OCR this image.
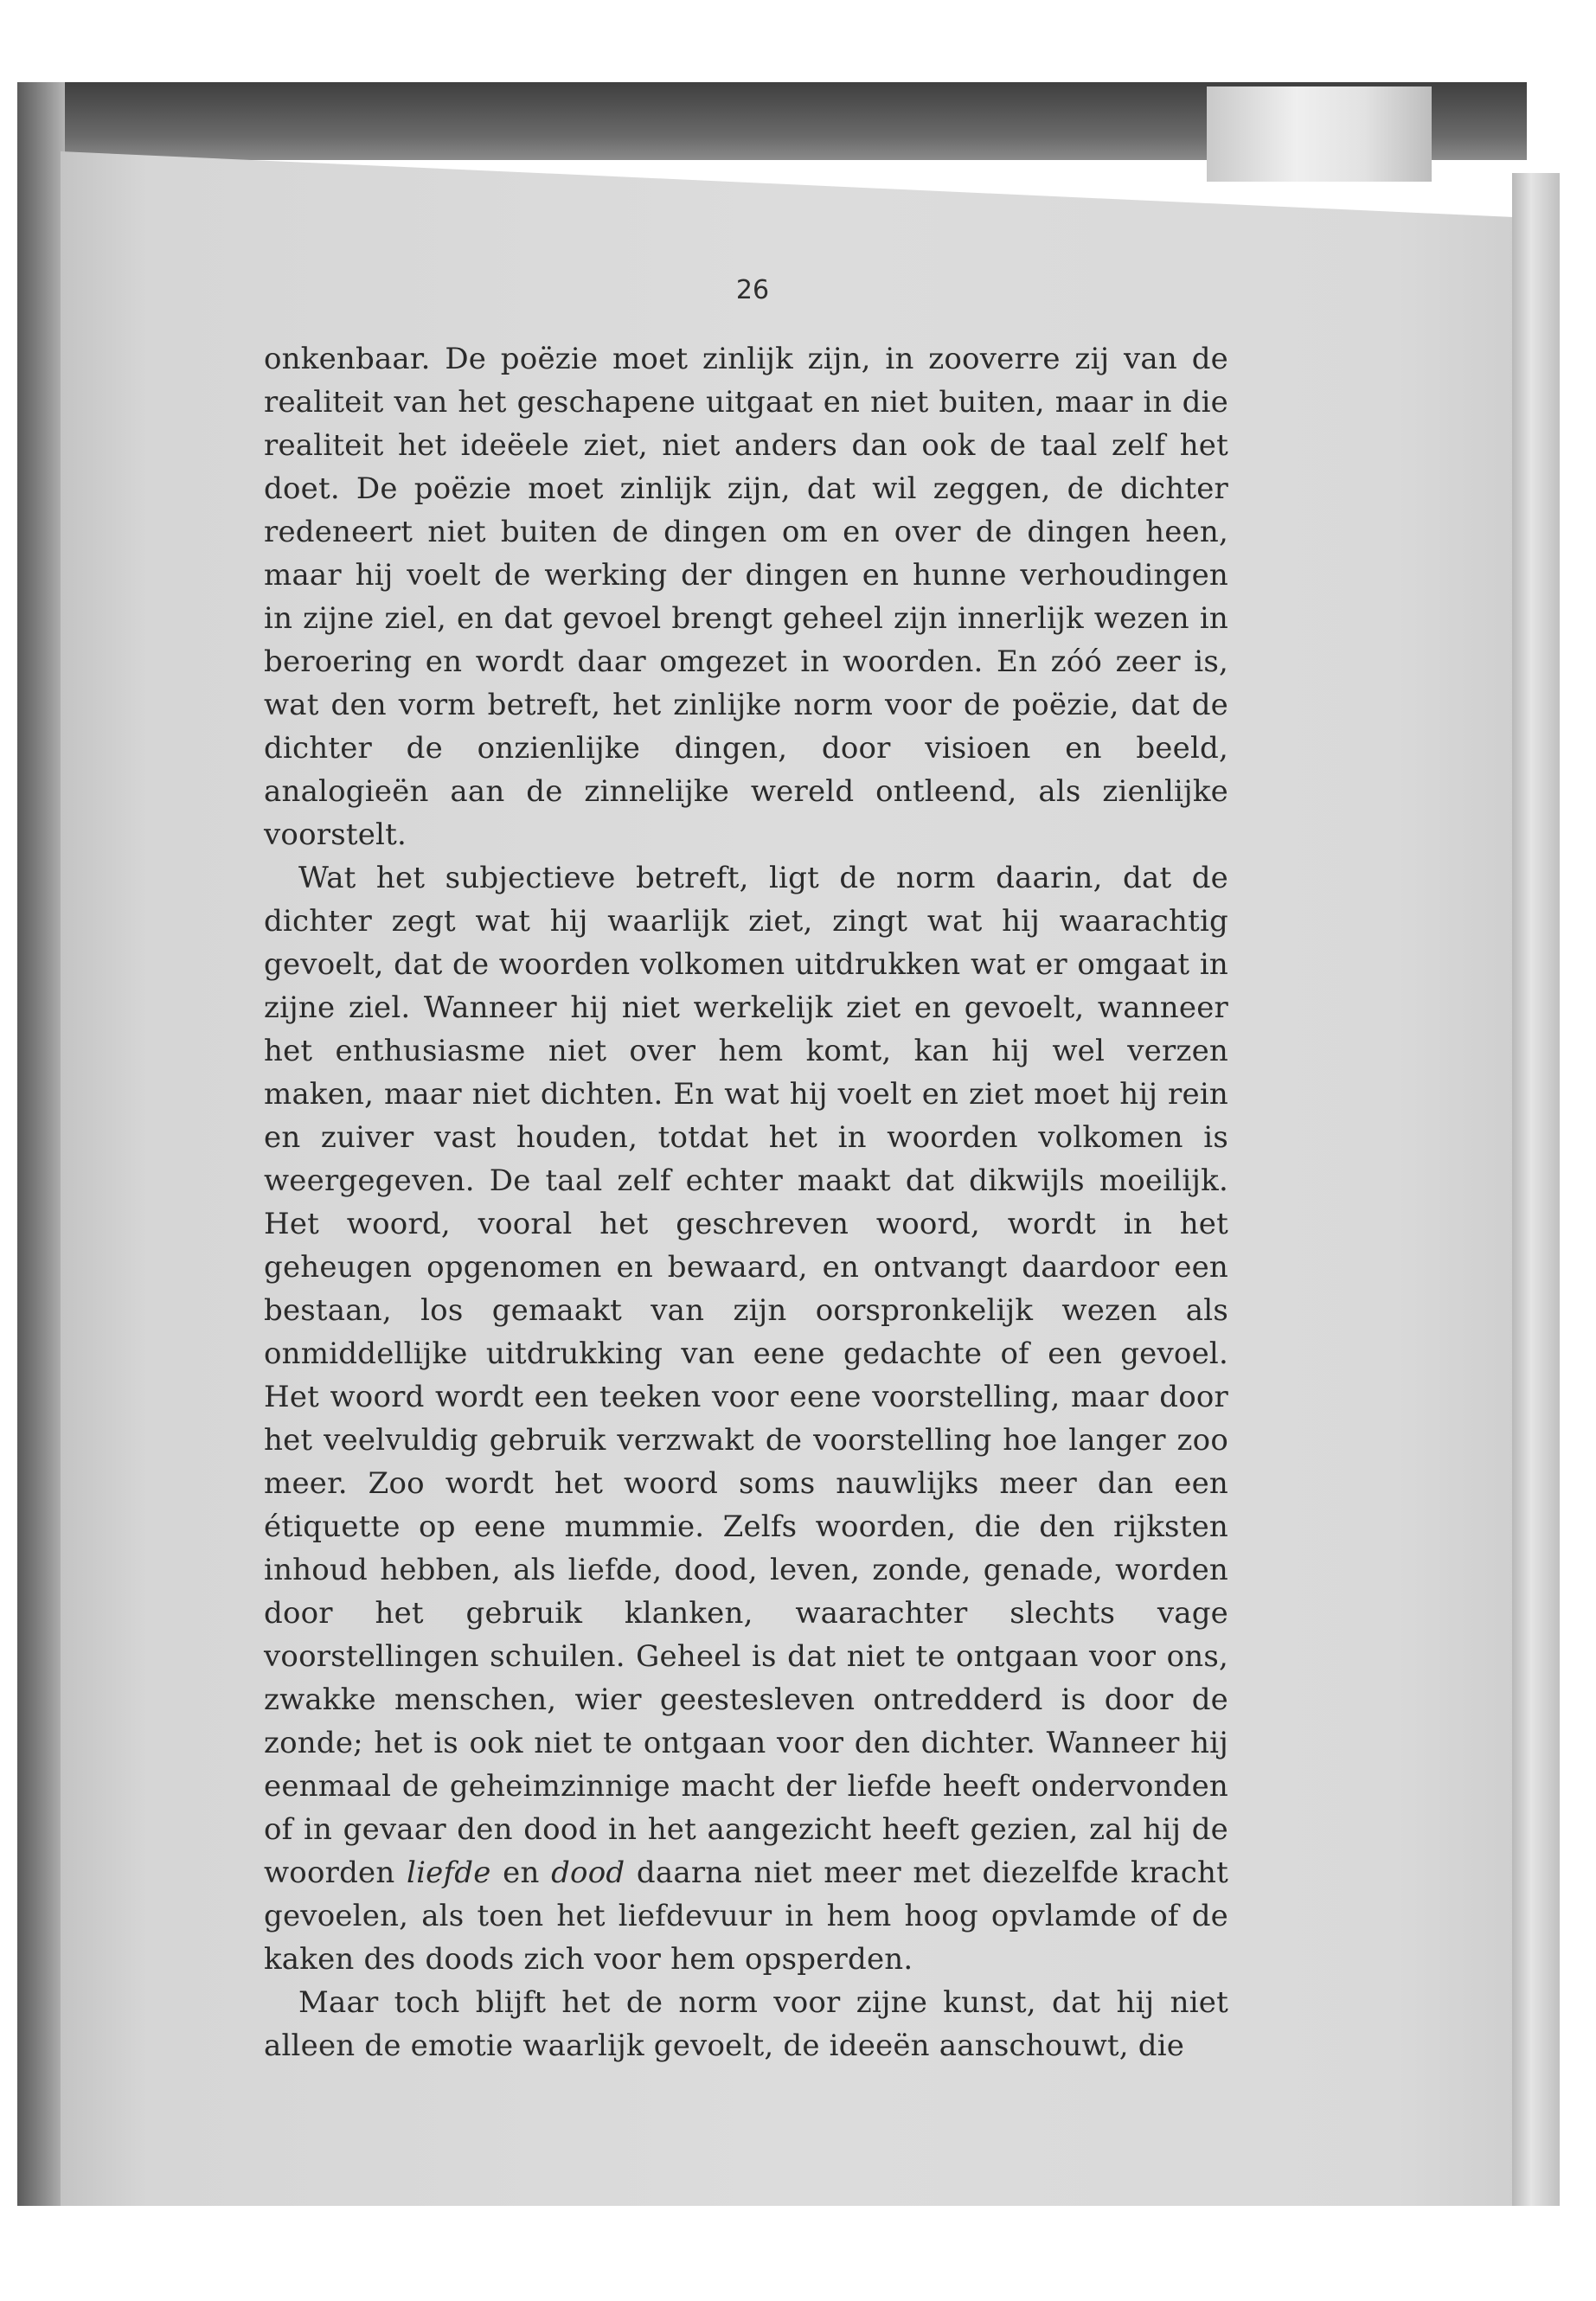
26

onkenbaar. De poëzie moet zinlijk zijn, in zooverre zij van de realiteit van het geschapene uitgaat en niet buiten, maar in die realiteit het ideëele ziet, niet anders dan ook de taal zelf het doet. De poëzie moet zinlijk zijn, dat wil zeggen, de dichter redeneert niet buiten de dingen om en over de dingen heen, maar hij voelt de werking der dingen en hunne verhoudingen in zijne ziel, en dat gevoel brengt geheel zijn innerlijk wezen in beroering en wordt daar omgezet in woorden. En zóó zeer is, wat den vorm betreft, het zinlijke norm voor de poëzie, dat de dichter de onzienlijke dingen, door visioen en beeld, analogieën aan de zinnelijke wereld ontleend, als zienlijke voorstelt.

Wat het subjectieve betreft, ligt de norm daarin, dat de dichter zegt wat hij waarlijk ziet, zingt wat hij waarachtig gevoelt, dat de woorden volkomen uitdrukken wat er omgaat in zijne ziel. Wanneer hij niet werkelijk ziet en gevoelt, wanneer het enthusiasme niet over hem komt, kan hij wel verzen maken, maar niet dichten. En wat hij voelt en ziet moet hij rein en zuiver vast houden, totdat het in woorden volkomen is weergegeven. De taal zelf echter maakt dat dikwijls moeilijk. Het woord, vooral het geschreven woord, wordt in het geheugen opgenomen en bewaard, en ontvangt daardoor een bestaan, los gemaakt van zijn oorspronkelijk wezen als onmiddellijke uitdrukking van eene gedachte of een gevoel. Het woord wordt een teeken voor eene voorstelling, maar door het veelvuldig gebruik verzwakt de voorstelling hoe langer zoo meer. Zoo wordt het woord soms nauwlijks meer dan een étiquette op eene mummie. Zelfs woorden, die den rijksten inhoud hebben, als liefde, dood, leven, zonde, genade, worden door het gebruik klanken, waarachter slechts vage voorstellingen schuilen. Geheel is dat niet te ontgaan voor ons, zwakke menschen, wier geestesleven ontredderd is door de zonde; het is ook niet te ontgaan voor den dichter. Wanneer hij eenmaal de geheimzinnige macht der liefde heeft ondervonden of in gevaar den dood in het aangezicht heeft gezien, zal hij de woorden liefde en dood daarna niet meer met diezelfde kracht gevoelen, als toen het liefdevuur in hem hoog opvlamde of de kaken des doods zich voor hem opsperden.

Maar toch blijft het de norm voor zijne kunst, dat hij niet alleen de emotie waarlijk gevoelt, de ideeën aanschouwt, die
